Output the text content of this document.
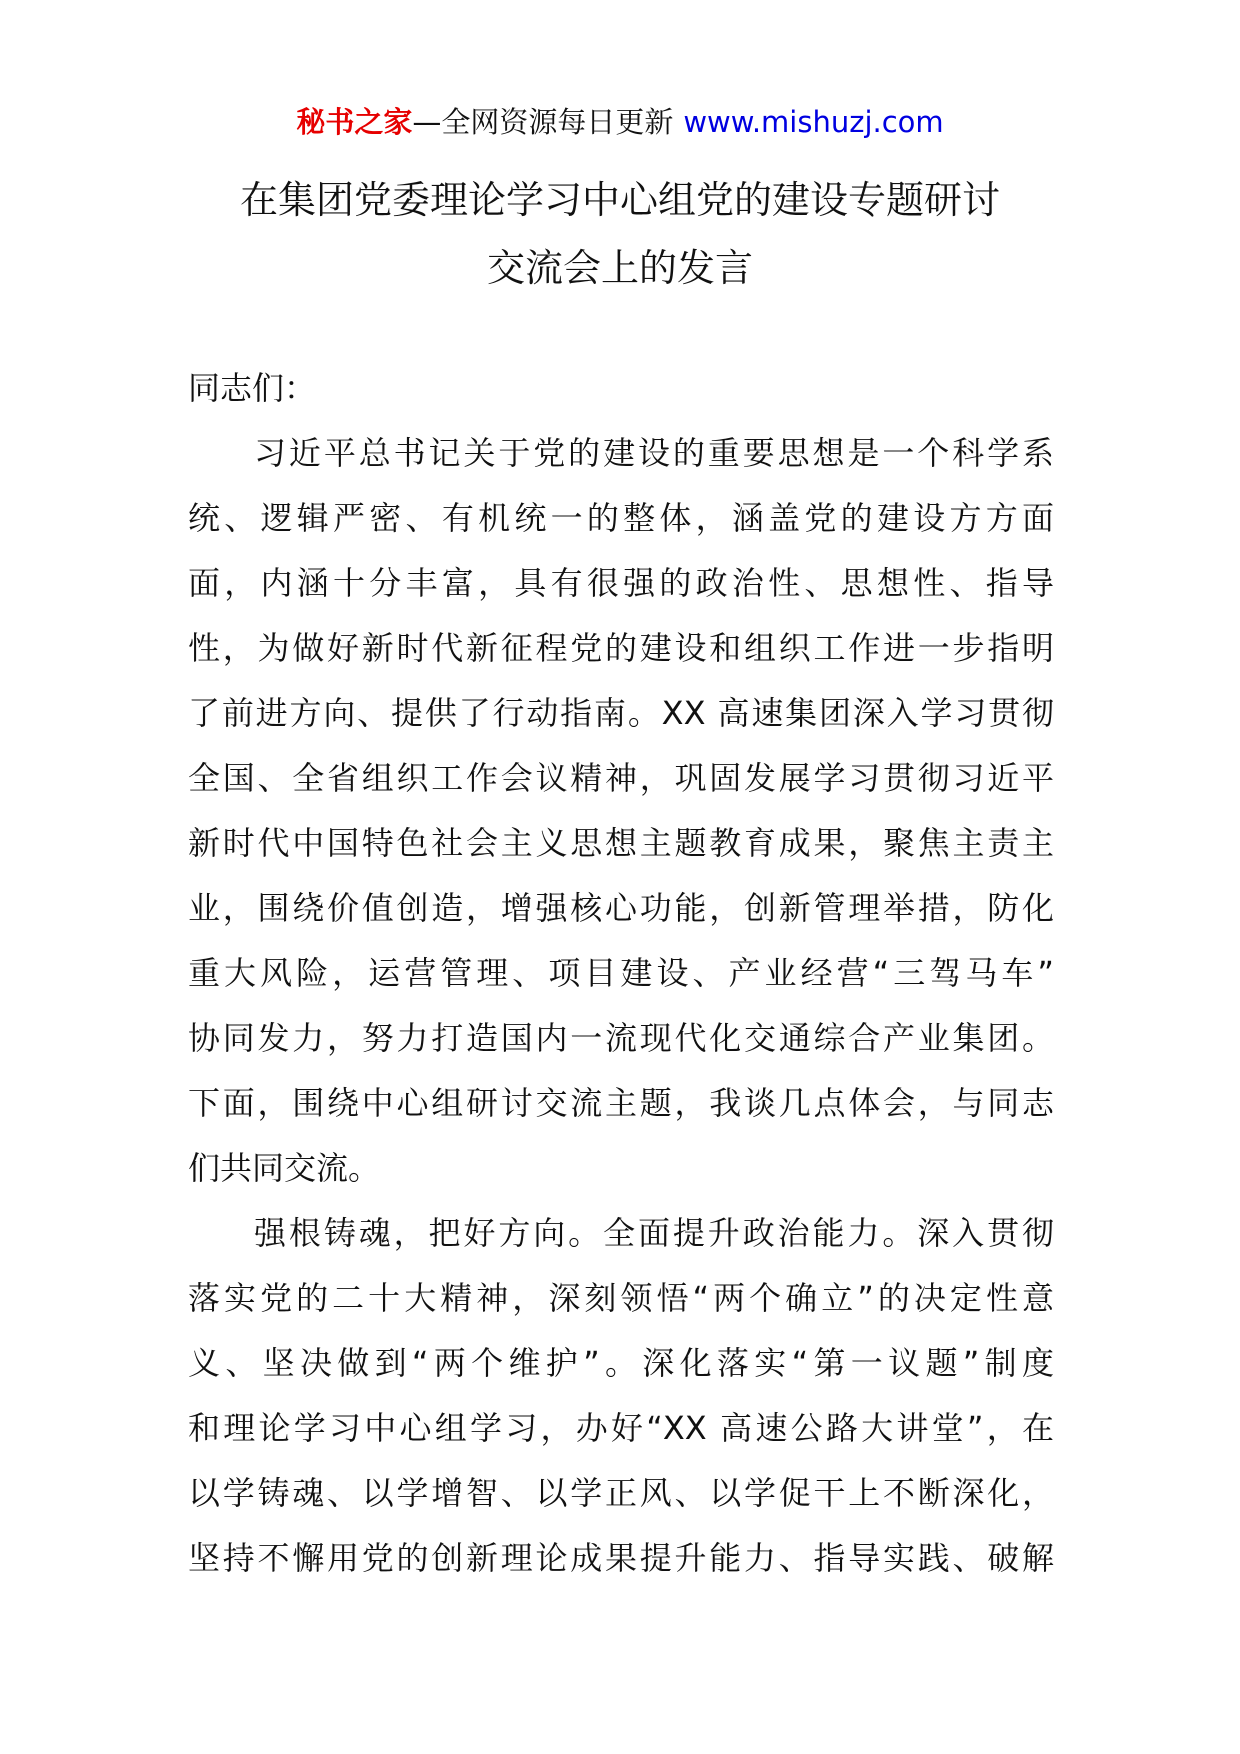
秘书之家—全网资源每日更新 www.mishuzj.com
在集团党委理论学习中心组党的建设专题研讨
交流会上的发言
同志们：
习近平总书记关于党的建设的重要思想是一个科学系
统、逻辑严密、有机统一的整体，涵盖党的建设方方面
面，内涵十分丰富，具有很强的政治性、思想性、指导
性，为做好新时代新征程党的建设和组织工作进一步指明
了前进方向、提供了行动指南。XX 高速集团深入学习贯彻
全国、全省组织工作会议精神，巩固发展学习贯彻习近平
新时代中国特色社会主义思想主题教育成果，聚焦主责主
业，围绕价值创造，增强核心功能，创新管理举措，防化
重大风险，运营管理、项目建设、产业经营“三驾马车”
协同发力，努力打造国内一流现代化交通综合产业集团。
下面，围绕中心组研讨交流主题，我谈几点体会，与同志
们共同交流。
强根铸魂，把好方向。全面提升政治能力。深入贯彻
落实党的二十大精神，深刻领悟“两个确立”的决定性意
义、坚决做到“两个维护”。深化落实“第一议题”制度
和理论学习中心组学习，办好“XX 高速公路大讲堂”，在
以学铸魂、以学增智、以学正风、以学促干上不断深化，
坚持不懈用党的创新理论成果提升能力、指导实践、破解
